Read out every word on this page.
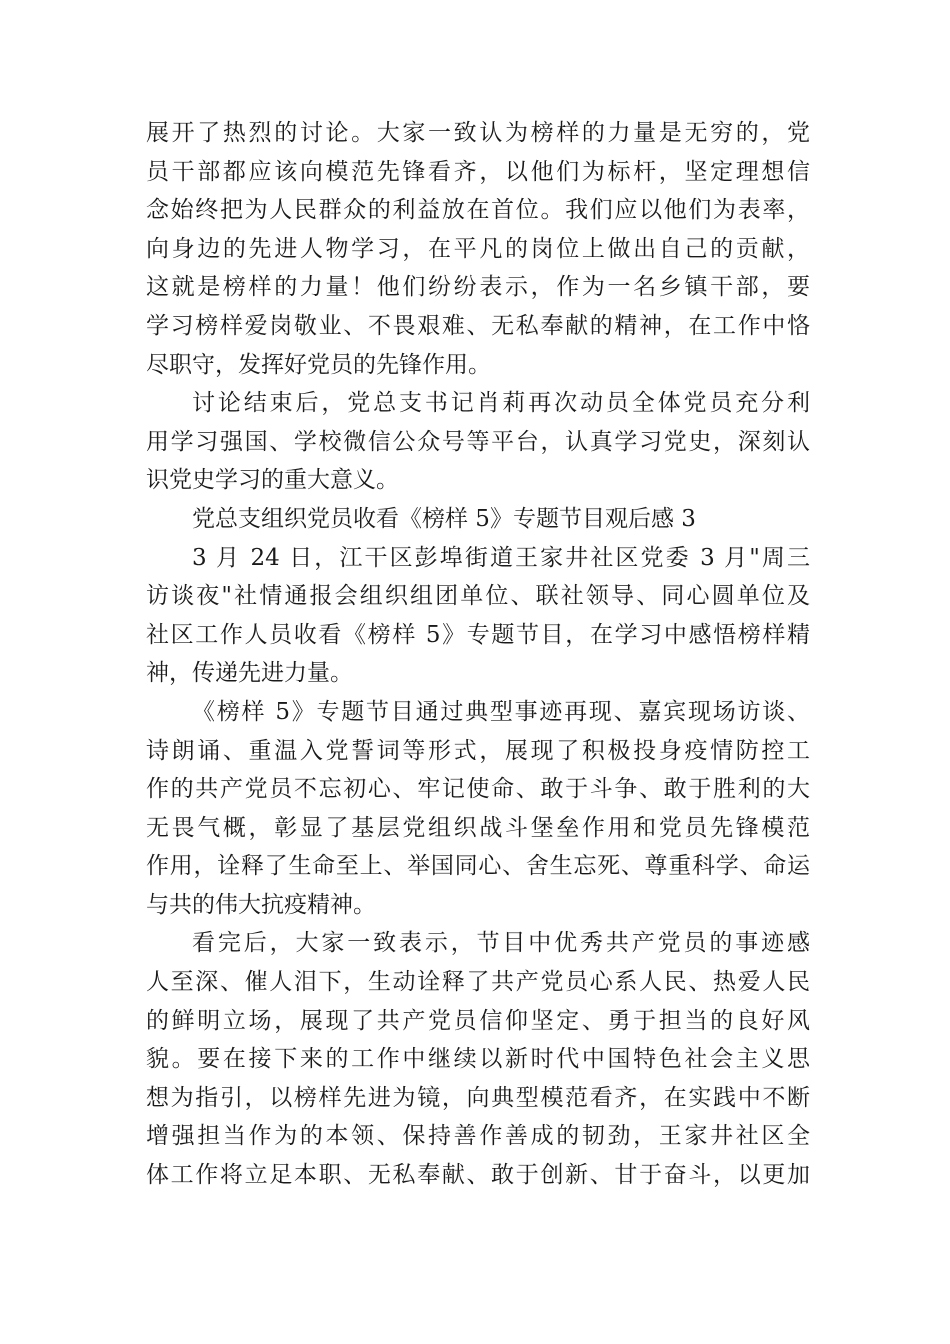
展开了热烈的讨论。大家一致认为榜样的力量是无穷的，党
员干部都应该向模范先锋看齐，以他们为标杆，坚定理想信
念始终把为人民群众的利益放在首位。我们应以他们为表率，
向身边的先进人物学习，在平凡的岗位上做出自己的贡献，
这就是榜样的力量！他们纷纷表示，作为一名乡镇干部，要
学习榜样爱岗敬业、不畏艰难、无私奉献的精神，在工作中恪
尽职守，发挥好党员的先锋作用。
讨论结束后，党总支书记肖莉再次动员全体党员充分利
用学习强国、学校微信公众号等平台，认真学习党史，深刻认
识党史学习的重大意义。
党总支组织党员收看《榜样 5》专题节目观后感 3
3 月 24 日，江干区彭埠街道王家井社区党委 3 月"周三
访谈夜"社情通报会组织组团单位、联社领导、同心圆单位及
社区工作人员收看《榜样 5》专题节目，在学习中感悟榜样精
神，传递先进力量。
《榜样 5》专题节目通过典型事迹再现、嘉宾现场访谈、
诗朗诵、重温入党誓词等形式，展现了积极投身疫情防控工
作的共产党员不忘初心、牢记使命、敢于斗争、敢于胜利的大
无畏气概，彰显了基层党组织战斗堡垒作用和党员先锋模范
作用，诠释了生命至上、举国同心、舍生忘死、尊重科学、命运
与共的伟大抗疫精神。
看完后，大家一致表示，节目中优秀共产党员的事迹感
人至深、催人泪下，生动诠释了共产党员心系人民、热爱人民
的鲜明立场，展现了共产党员信仰坚定、勇于担当的良好风
貌。要在接下来的工作中继续以新时代中国特色社会主义思
想为指引，以榜样先进为镜，向典型模范看齐，在实践中不断
增强担当作为的本领、保持善作善成的韧劲，王家井社区全
体工作将立足本职、无私奉献、敢于创新、甘于奋斗，以更加
